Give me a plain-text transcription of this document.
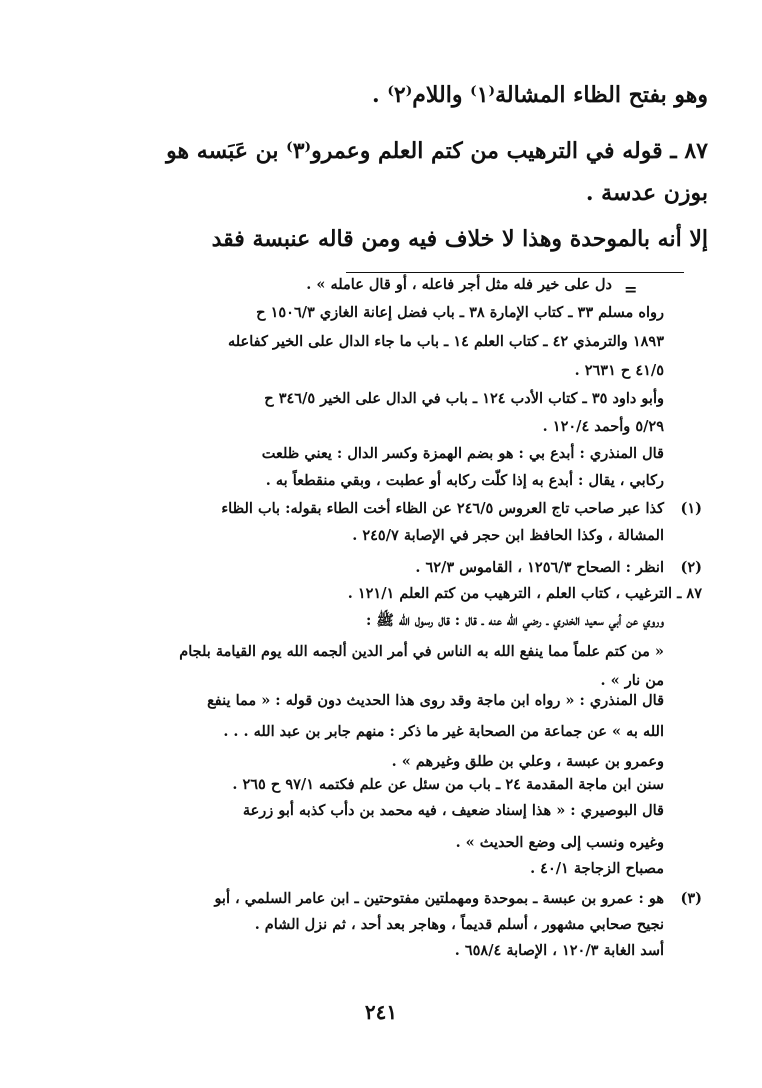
وهو بفتح الظاء المشالة⁽١⁾ واللام⁽٢⁾ .
٨٧ ـ قوله في الترهيب من كتم العلم وعمرو⁽٣⁾ بن عَبَسه هو
بوزن عدسة .
إلا أنه بالموحدة وهذا لا خلاف فيه ومن قاله عنبسة فقد
=
دل على خير فله مثل أجر فاعله ، أو قال عامله » .
رواه مسلم ٣٣ ـ كتاب الإمارة ٣٨ ـ باب فضل إعانة الغازي ١٥٠٦/٣ ح
١٨٩٣ والترمذي ٤٢ ـ كتاب العلم ١٤ ـ باب ما جاء الدال على الخير كفاعله
٤١/٥ ح ٢٦٣١ .
وأبو داود ٣٥ ـ كتاب الأدب ١٢٤ ـ باب في الدال على الخير ٣٤٦/٥ ح
٥/٢٩ وأحمد ١٢٠/٤ .
قال المنذري : أبدع بي : هو بضم الهمزة وكسر الدال : يعني ظلعت
ركابي ، يقال : أبدع به إذا كلّت ركابه أو عطبت ، وبقي منقطعاً به .
(١)
كذا عبر صاحب تاج العروس ٢٤٦/٥ عن الظاء أخت الطاء بقوله: باب الظاء
المشالة ، وكذا الحافظ ابن حجر في الإصابة ٢٤٥/٧ .
(٢)
انظر : الصحاح ١٢٥٦/٣ ، القاموس ٦٢/٣ .
٨٧ ـ الترغيب ، كتاب العلم ، الترهيب من كتم العلم ١٢١/١ .
وروي عن أبي سعيد الخدري ـ رضي الله عنه ـ قال : قال رسول الله ﷺ :
« من كتم علماً مما ينفع الله به الناس في أمر الدين ألجمه الله يوم القيامة بلجام
من نار » .
قال المنذري : « رواه ابن ماجة وقد روى هذا الحديث دون قوله : « مما ينفع
الله به » عن جماعة من الصحابة غير ما ذكر : منهم جابر بن عبد الله . . .
وعمرو بن عبسة ، وعلي بن طلق وغيرهم » .
سنن ابن ماجة المقدمة ٢٤ ـ باب من سئل عن علم فكتمه ٩٧/١ ح ٢٦٥ .
قال البوصيري : « هذا إسناد ضعيف ، فيه محمد بن دأب كذبه أبو زرعة
وغيره ونسب إلى وضع الحديث » .
مصباح الزجاجة ٤٠/١ .
(٣)
هو : عمرو بن عبسة ـ بموحدة ومهملتين مفتوحتين ـ ابن عامر السلمي ، أبو
نجيح صحابي مشهور ، أسلم قديماً ، وهاجر بعد أحد ، ثم نزل الشام .
أسد الغابة ١٢٠/٣ ، الإصابة ٦٥٨/٤ .
٢٤١
